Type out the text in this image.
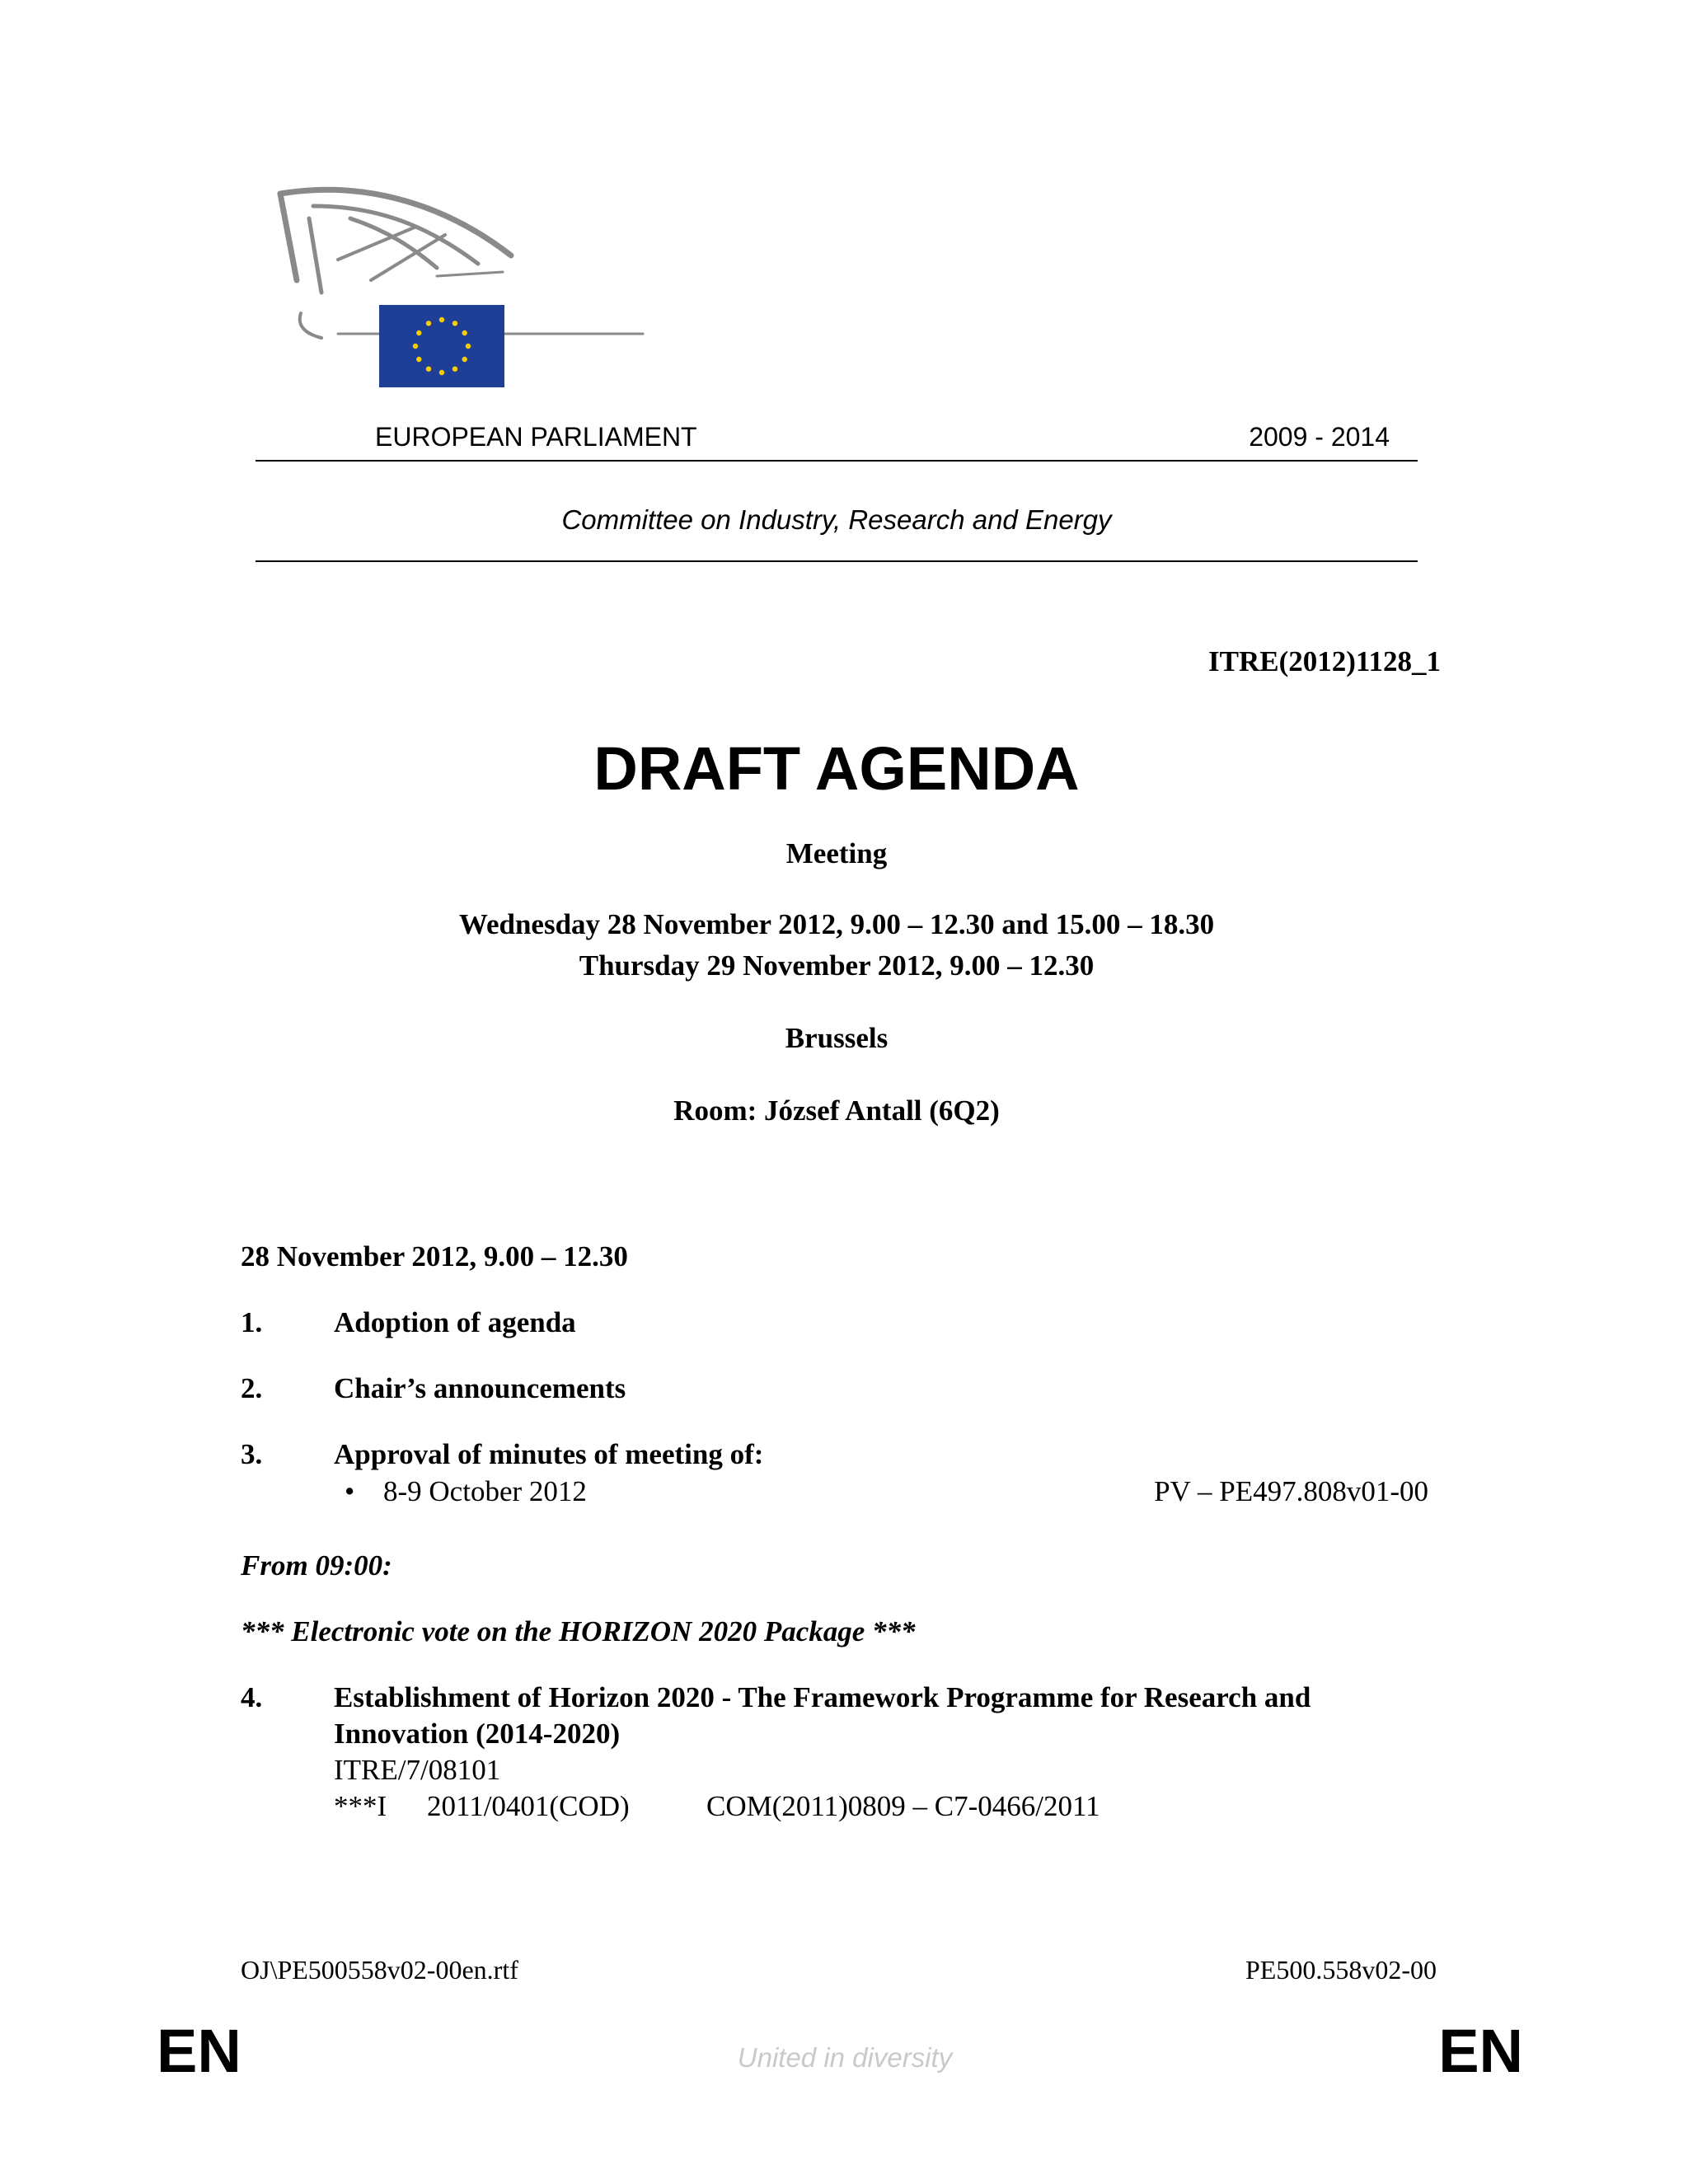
EUROPEAN PARLIAMENT	2009 - 2014
Committee on Industry, Research and Energy
ITRE(2012)1128_1
DRAFT AGENDA
Meeting
Wednesday 28 November 2012, 9.00 – 12.30 and 15.00 – 18.30
Thursday 29 November 2012, 9.00 – 12.30
Brussels
Room: József Antall (6Q2)
28 November 2012, 9.00 – 12.30
1. Adoption of agenda
2. Chair’s announcements
3. Approval of minutes of meeting of:
• 8-9 October 2012	PV – PE497.808v01-00
From 09:00:
*** Electronic vote on the HORIZON 2020 Package ***
4. Establishment of Horizon 2020 - The Framework Programme for Research and
Innovation (2014-2020)
ITRE/7/08101
***I 2011/0401(COD)	COM(2011)0809 – C7-0466/2011
OJ\PE500558v02-00en.rtf	PE500.558v02-00
EN	United in diversity	EN
